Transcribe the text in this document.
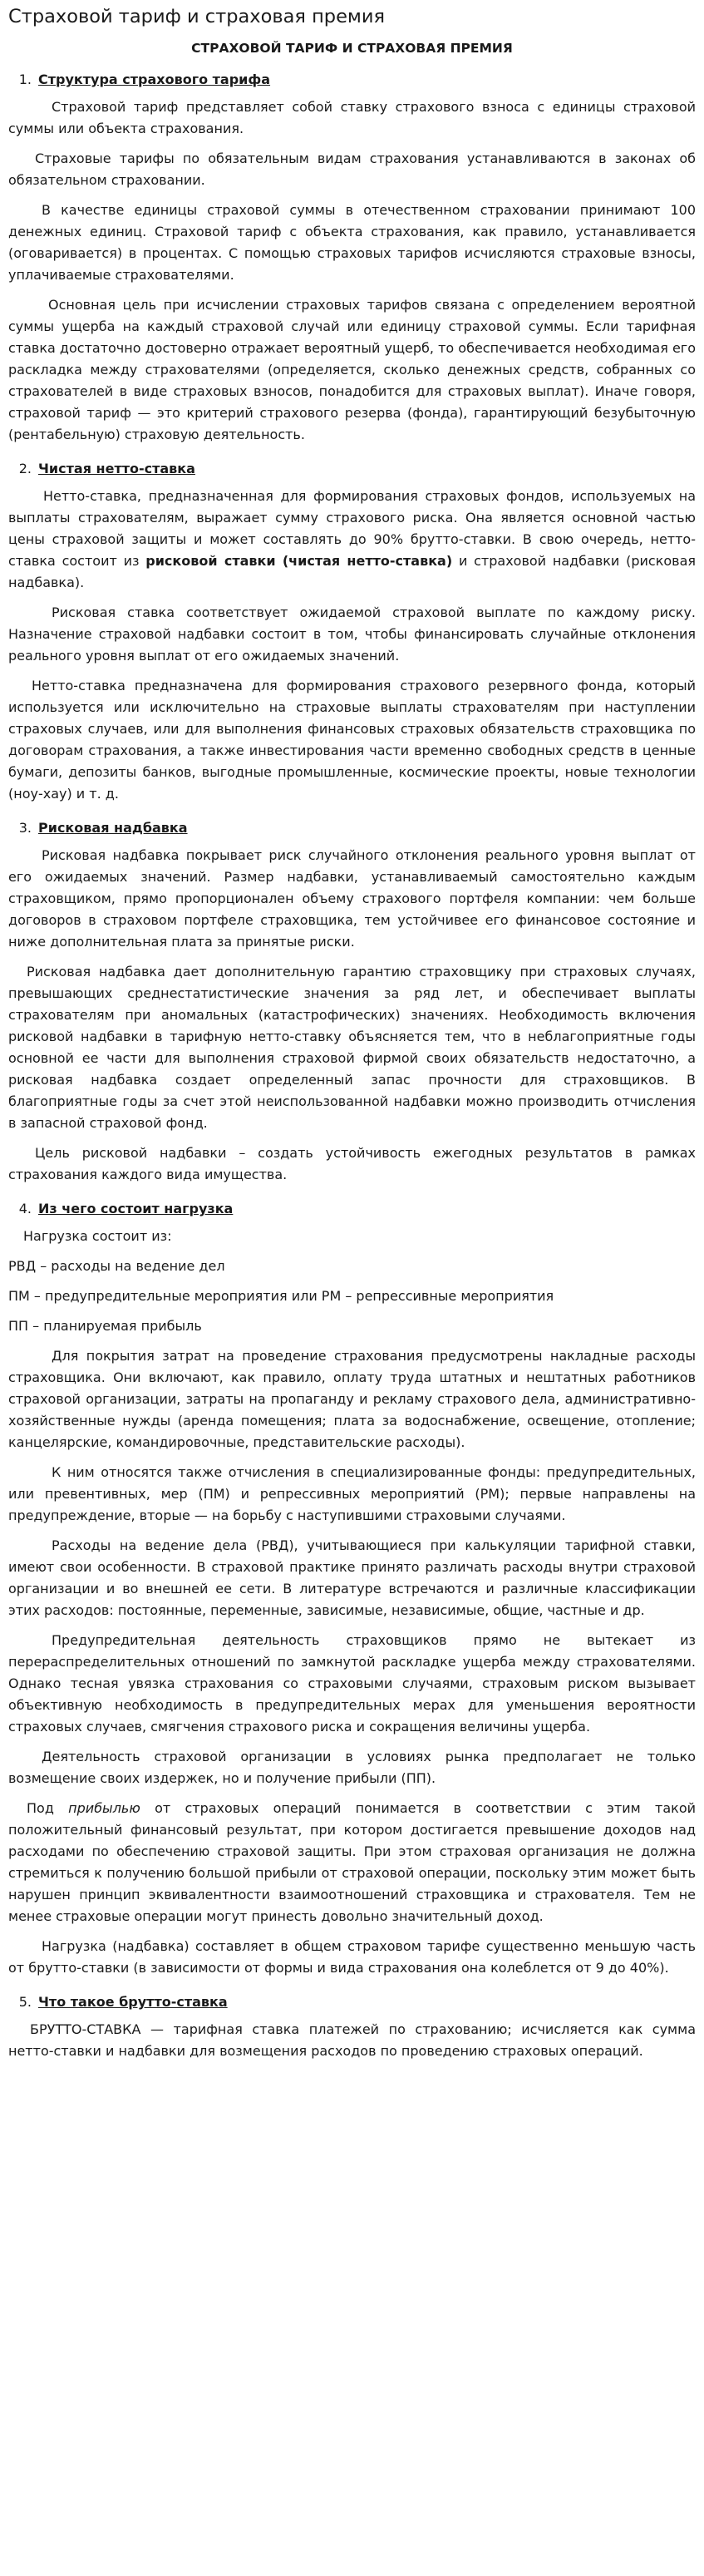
Страховой тариф и страховая премия
СТРАХОВОЙ ТАРИФ И СТРАХОВАЯ ПРЕМИЯ
1. Структура страхового тарифа

Страховой тариф представляет собой ставку страхового взноса с единицы страховой суммы или объекта страхования.

Страховые тарифы по обязательным видам страхования устанавливаются в законах об обязательном страховании.

В качестве единицы страховой суммы в отечественном страховании принимают 100 денежных единиц. Страховой тариф с объекта страхования, как правило, устанавливается (оговаривается) в процентах. С помощью страховых тарифов исчисляются страховые взносы, уплачиваемые страхователями.

Основная цель при исчислении страховых тарифов связана с определением вероятной суммы ущерба на каждый страховой случай или единицу страховой суммы. Если тарифная ставка достаточно достоверно отражает вероятный ущерб, то обеспечивается необходимая его раскладка между страхователями (определяется, сколько денежных средств, собранных со страхователей в виде страховых взносов, понадобится для страховых выплат). Иначе говоря, страховой тариф — это критерий страхового резерва (фонда), гарантирующий безубыточную (рентабельную) страховую деятельность.

2. Чистая нетто-ставка

Нетто-ставка, предназначенная для формирования страховых фондов, используемых на выплаты страхователям, выражает сумму страхового риска. Она является основной частью цены страховой защиты и может составлять до 90% брутто-ставки. В свою очередь, нетто-ставка состоит из рисковой ставки (чистая нетто-ставка) и страховой надбавки (рисковая надбавка).

Рисковая ставка соответствует ожидаемой страховой выплате по каждому риску. Назначение страховой надбавки состоит в том, чтобы финансировать случайные отклонения реального уровня выплат от его ожидаемых значений.

Нетто-ставка предназначена для формирования страхового резервного фонда, который используется или исключительно на страховые выплаты страхователям при наступлении страховых случаев, или для выполнения финансовых страховых обязательств страховщика по договорам страхования, а также инвестирования части временно свободных средств в ценные бумаги, депозиты банков, выгодные промышленные, космические проекты, новые технологии (ноу-хау) и т. д.

3. Рисковая надбавка

Рисковая надбавка покрывает риск случайного отклонения реального уровня выплат от его ожидаемых значений. Размер надбавки, устанавливаемый самостоятельно каждым страховщиком, прямо пропорционален объему страхового портфеля компании: чем больше договоров в страховом портфеле страховщика, тем устойчивее его финансовое состояние и ниже дополнительная плата за принятые риски.

Рисковая надбавка дает дополнительную гарантию страховщику при страховых случаях, превышающих среднестатистические значения за ряд лет, и обеспечивает выплаты страхователям при аномальных (катастрофических) значениях. Необходимость включения рисковой надбавки в тарифную нетто-ставку объясняется тем, что в неблагоприятные годы основной ее части для выполнения страховой фирмой своих обязательств недостаточно, а рисковая надбавка создает определенный запас прочности для страховщиков. В благоприятные годы за счет этой неиспользованной надбавки можно производить отчисления в запасной страховой фонд.

Цель рисковой надбавки – создать устойчивость ежегодных результатов в рамках страхования каждого вида имущества.

4. Из чего состоит нагрузка

Нагрузка состоит из:

РВД – расходы на ведение дел

ПМ – предупредительные мероприятия или РМ – репрессивные мероприятия

ПП – планируемая прибыль

Для покрытия затрат на проведение страхования предусмотрены накладные расходы страховщика. Они включают, как правило, оплату труда штатных и нештатных работников страховой организации, затраты на пропаганду и рекламу страхового дела, административно-хозяйственные нужды (аренда помещения; плата за водоснабжение, освещение, отопление; канцелярские, командировочные, представительские расходы).

К ним относятся также отчисления в специализированные фонды: предупредительных, или превентивных, мер (ПМ) и репрессивных мероприятий (РМ); первые направлены на предупреждение, вторые — на борьбу с наступившими страховыми случаями.

Расходы на ведение дела (РВД), учитывающиеся при калькуляции тарифной ставки, имеют свои особенности. В страховой практике принято различать расходы внутри страховой организации и во внешней ее сети. В литературе встречаются и различные классификации этих расходов: постоянные, переменные, зависимые, независимые, общие, частные и др.

Предупредительная деятельность страховщиков прямо не вытекает из перераспределительных отношений по замкнутой раскладке ущерба между страхователями. Однако тесная увязка страхования со страховыми случаями, страховым риском вызывает объективную необходимость в предупредительных мерах для уменьшения вероятности страховых случаев, смягчения страхового риска и сокращения величины ущерба.

Деятельность страховой организации в условиях рынка предполагает не только возмещение своих издержек, но и получение прибыли (ПП).

Под прибылью от страховых операций понимается в соответствии с этим такой положительный финансовый результат, при котором достигается превышение доходов над расходами по обеспечению страховой защиты. При этом страховая организация не должна стремиться к получению большой прибыли от страховой операции, поскольку этим может быть нарушен принцип эквивалентности взаимоотношений страховщика и страхователя. Тем не менее страховые операции могут принесть довольно значительный доход.

Нагрузка (надбавка) составляет в общем страховом тарифе существенно меньшую часть от брутто-ставки (в зависимости от формы и вида страхования она колеблется от 9 до 40%).

5. Что такое брутто-ставка

БРУТТО-СТАВКА — тарифная ставка платежей по страхованию; исчисляется как сумма нетто-ставки и надбавки для возмещения расходов по проведению страховых операций.
